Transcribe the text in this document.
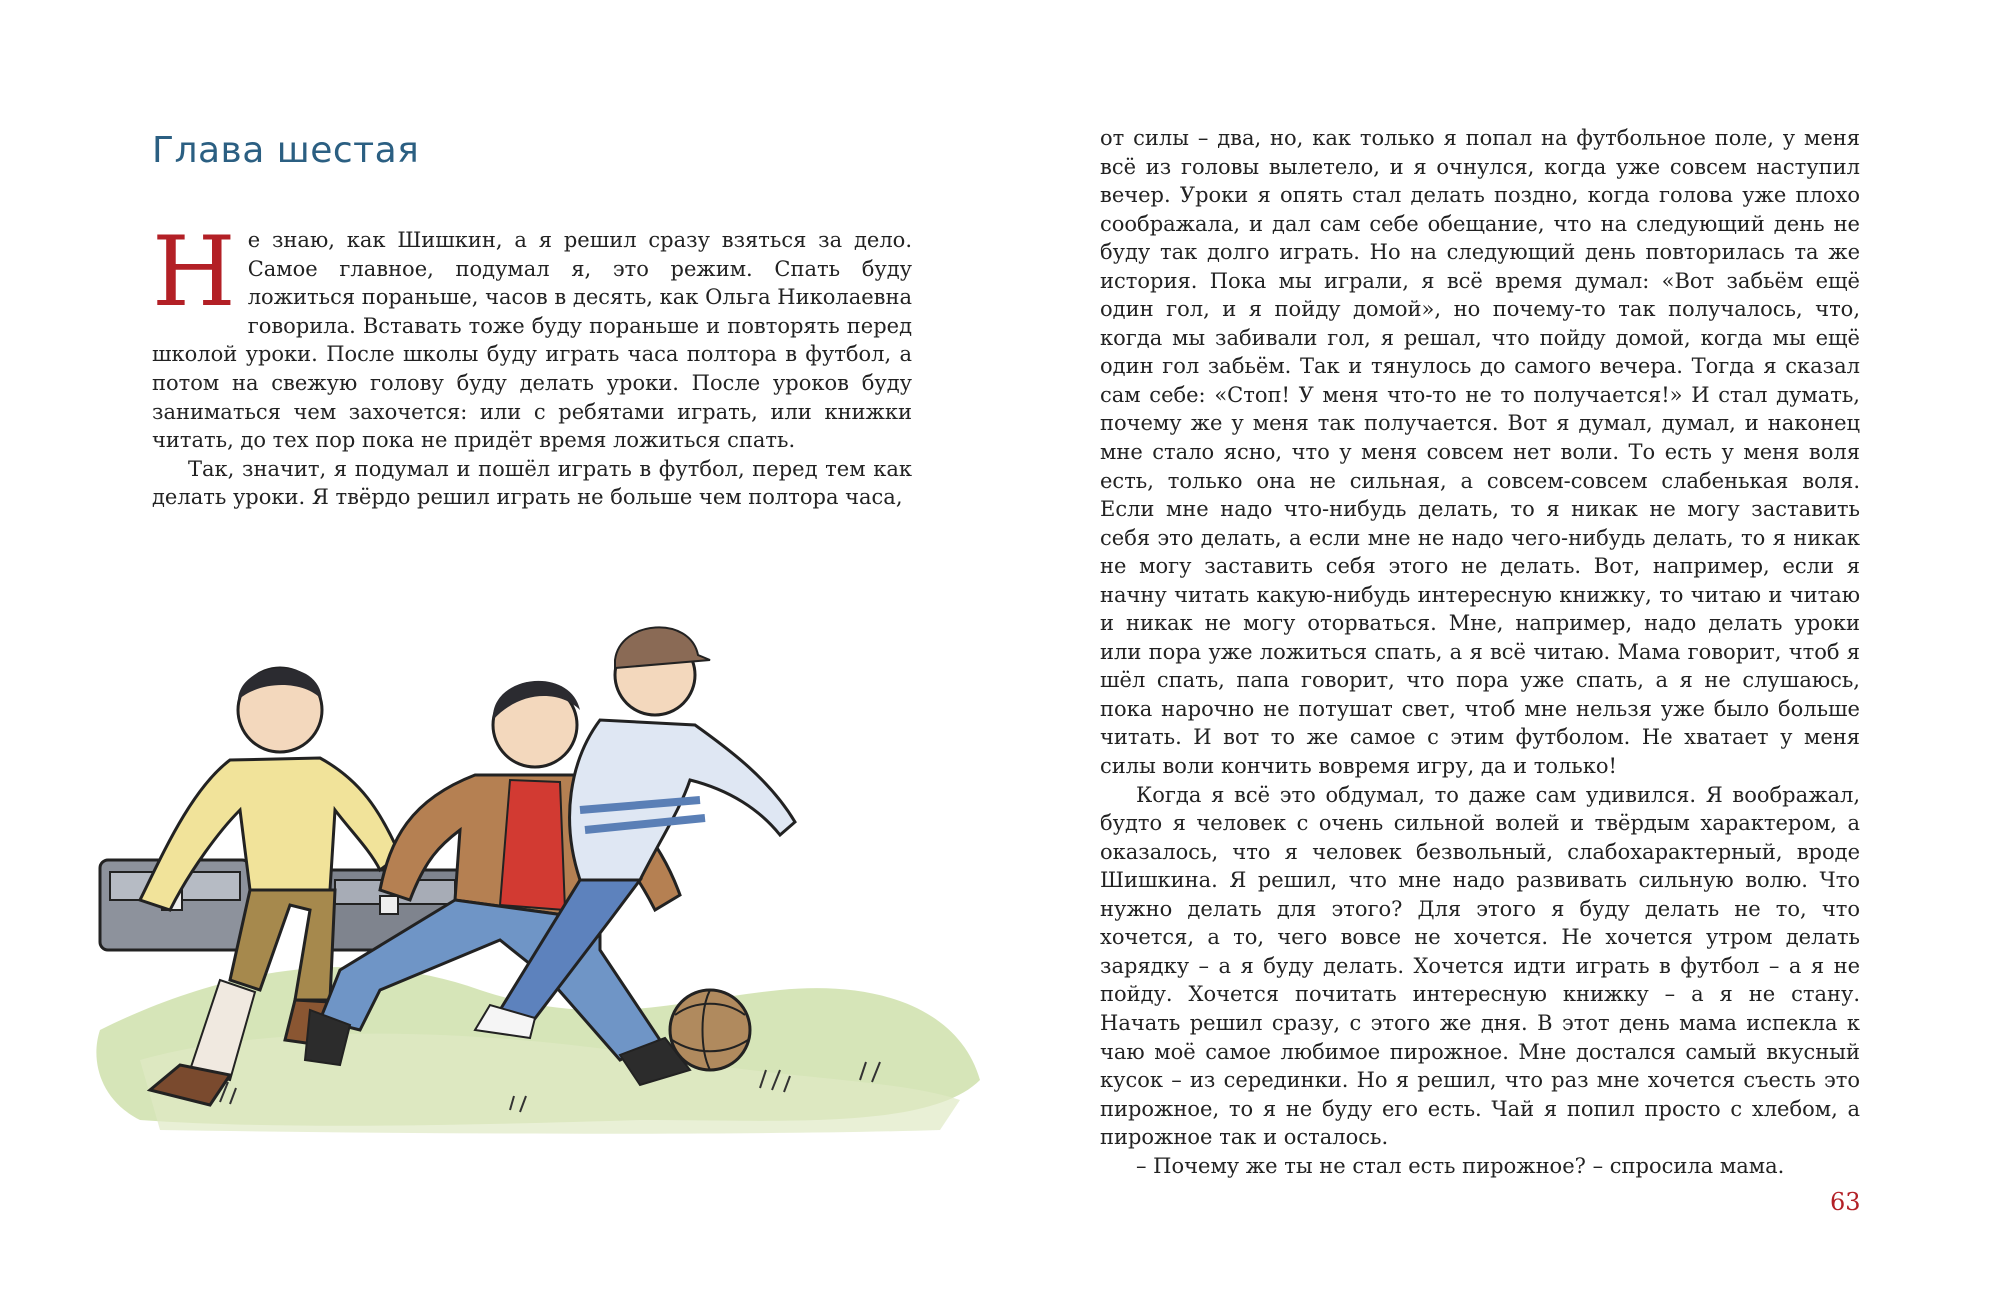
Глава шестая

Не знаю, как Шишкин, а я решил сразу взяться за дело. Самое главное, подумал я, это режим. Спать буду ложиться пораньше, часов в десять, как Ольга Николаевна говорила. Вставать тоже буду пораньше и повторять перед школой уроки. После школы буду играть часа полтора в футбол, а потом на свежую голову буду делать уроки. После уроков буду заниматься чем захочется: или с ребятами играть, или книжки читать, до тех пор пока не придёт время ложиться спать.

Так, значит, я подумал и пошёл играть в футбол, перед тем как делать уроки. Я твёрдо решил играть не больше чем полтора часа,

от силы – два, но, как только я попал на футбольное поле, у меня всё из головы вылетело, и я очнулся, когда уже совсем наступил вечер. Уроки я опять стал делать поздно, когда голова уже плохо соображала, и дал сам себе обещание, что на следующий день не буду так долго играть. Но на следующий день повторилась та же история. Пока мы играли, я всё время думал: «Вот забьём ещё один гол, и я пойду домой», но почему-то так получалось, что, когда мы забивали гол, я решал, что пойду домой, когда мы ещё один гол забьём. Так и тянулось до самого вечера. Тогда я сказал сам себе: «Стоп! У меня что-то не то получается!» И стал думать, почему же у меня так получается. Вот я думал, думал, и наконец мне стало ясно, что у меня совсем нет воли. То есть у меня воля есть, только она не сильная, а совсем-совсем слабенькая воля. Если мне надо что-нибудь делать, то я никак не могу заставить себя это делать, а если мне не надо чего-нибудь делать, то я никак не могу заставить себя этого не делать. Вот, например, если я начну читать какую-нибудь интересную книжку, то читаю и читаю и никак не могу оторваться. Мне, например, надо делать уроки или пора уже ложиться спать, а я всё читаю. Мама говорит, чтоб я шёл спать, папа говорит, что пора уже спать, а я не слушаюсь, пока нарочно не потушат свет, чтоб мне нельзя уже было больше читать. И вот то же самое с этим футболом. Не хватает у меня силы воли кончить вовремя игру, да и только!

Когда я всё это обдумал, то даже сам удивился. Я воображал, будто я человек с очень сильной волей и твёрдым характером, а оказалось, что я человек безвольный, слабохарактерный, вроде Шишкина. Я решил, что мне надо развивать сильную волю. Что нужно делать для этого? Для этого я буду делать не то, что хочется, а то, чего вовсе не хочется. Не хочется утром делать зарядку – а я буду делать. Хочется идти играть в футбол – а я не пойду. Хочется почитать интересную книжку – а я не стану. Начать решил сразу, с этого же дня. В этот день мама испекла к чаю моё самое любимое пирожное. Мне достался самый вкусный кусок – из серединки. Но я решил, что раз мне хочется съесть это пирожное, то я не буду его есть. Чай я попил просто с хлебом, а пирожное так и осталось.

– Почему же ты не стал есть пирожное? – спросила мама.

63
